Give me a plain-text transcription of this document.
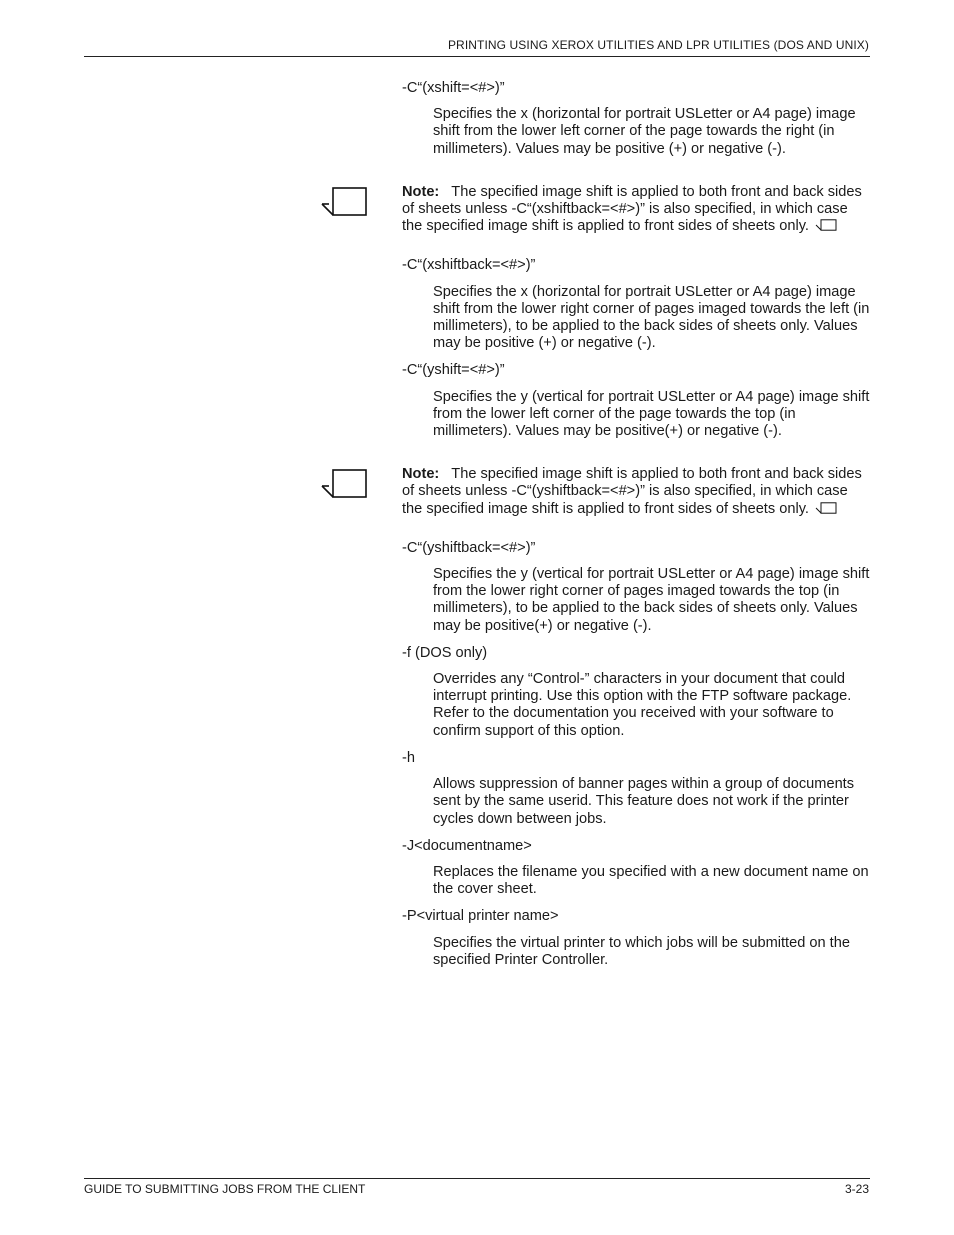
PRINTING USING XEROX UTILITIES AND LPR UTILITIES (DOS AND UNIX)

-C“(xshift=<#>)”

Specifies the x (horizontal for portrait USLetter or A4 page) image shift from the lower left corner of the page towards the right (in millimeters). Values may be positive (+) or negative (-).

Note: The specified image shift is applied to both front and back sides of sheets unless -C“(xshiftback=<#>)” is also specified, in which case the specified image shift is applied to front sides of sheets only.

-C“(xshiftback=<#>)”

Specifies the x (horizontal for portrait USLetter or A4 page) image shift from the lower right corner of pages imaged towards the left (in millimeters), to be applied to the back sides of sheets only. Values may be positive (+) or negative (-).

-C“(yshift=<#>)”

Specifies the y (vertical for portrait USLetter or A4 page) image shift from the lower left corner of the page towards the top (in millimeters). Values may be positive(+) or negative (-).

Note: The specified image shift is applied to both front and back sides of sheets unless -C“(yshiftback=<#>)” is also specified, in which case the specified image shift is applied to front sides of sheets only.

-C“(yshiftback=<#>)”

Specifies the y (vertical for portrait USLetter or A4 page) image shift from the lower right corner of pages imaged towards the top (in millimeters), to be applied to the back sides of sheets only. Values may be positive(+) or negative (-).

-f (DOS only)

Overrides any “Control-” characters in your document that could interrupt printing. Use this option with the FTP software package. Refer to the documentation you received with your software to confirm support of this option.

-h

Allows suppression of banner pages within a group of documents sent by the same userid. This feature does not work if the printer cycles down between jobs.

-J<documentname>

Replaces the filename you specified with a new document name on the cover sheet.

-P<virtual printer name>

Specifies the virtual printer to which jobs will be submitted on the specified Printer Controller.

GUIDE TO SUBMITTING JOBS FROM THE CLIENT	3-23
